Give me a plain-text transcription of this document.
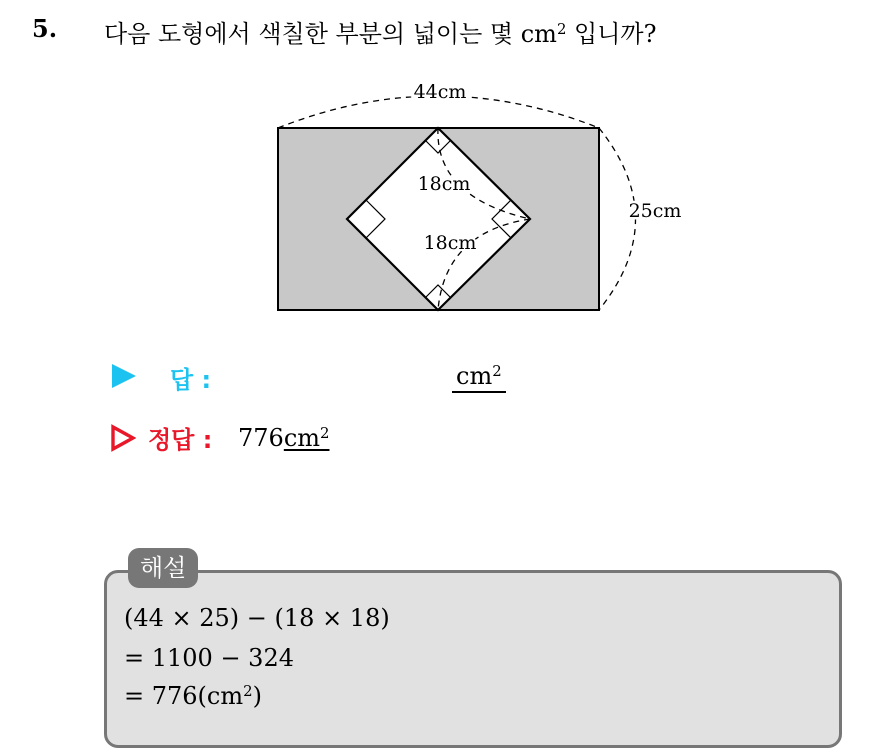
5. 다음 도형에서 색칠한 부분의 넓이는 몇 $cm^2$ 입니까?
44cm
25cm
18cm
18cm
답 :	$cm^2$
정답 : $776cm^2$
해설
(44 × 25) − (18 × 18)
= 1100 − 324
= $776(cm^2)$
